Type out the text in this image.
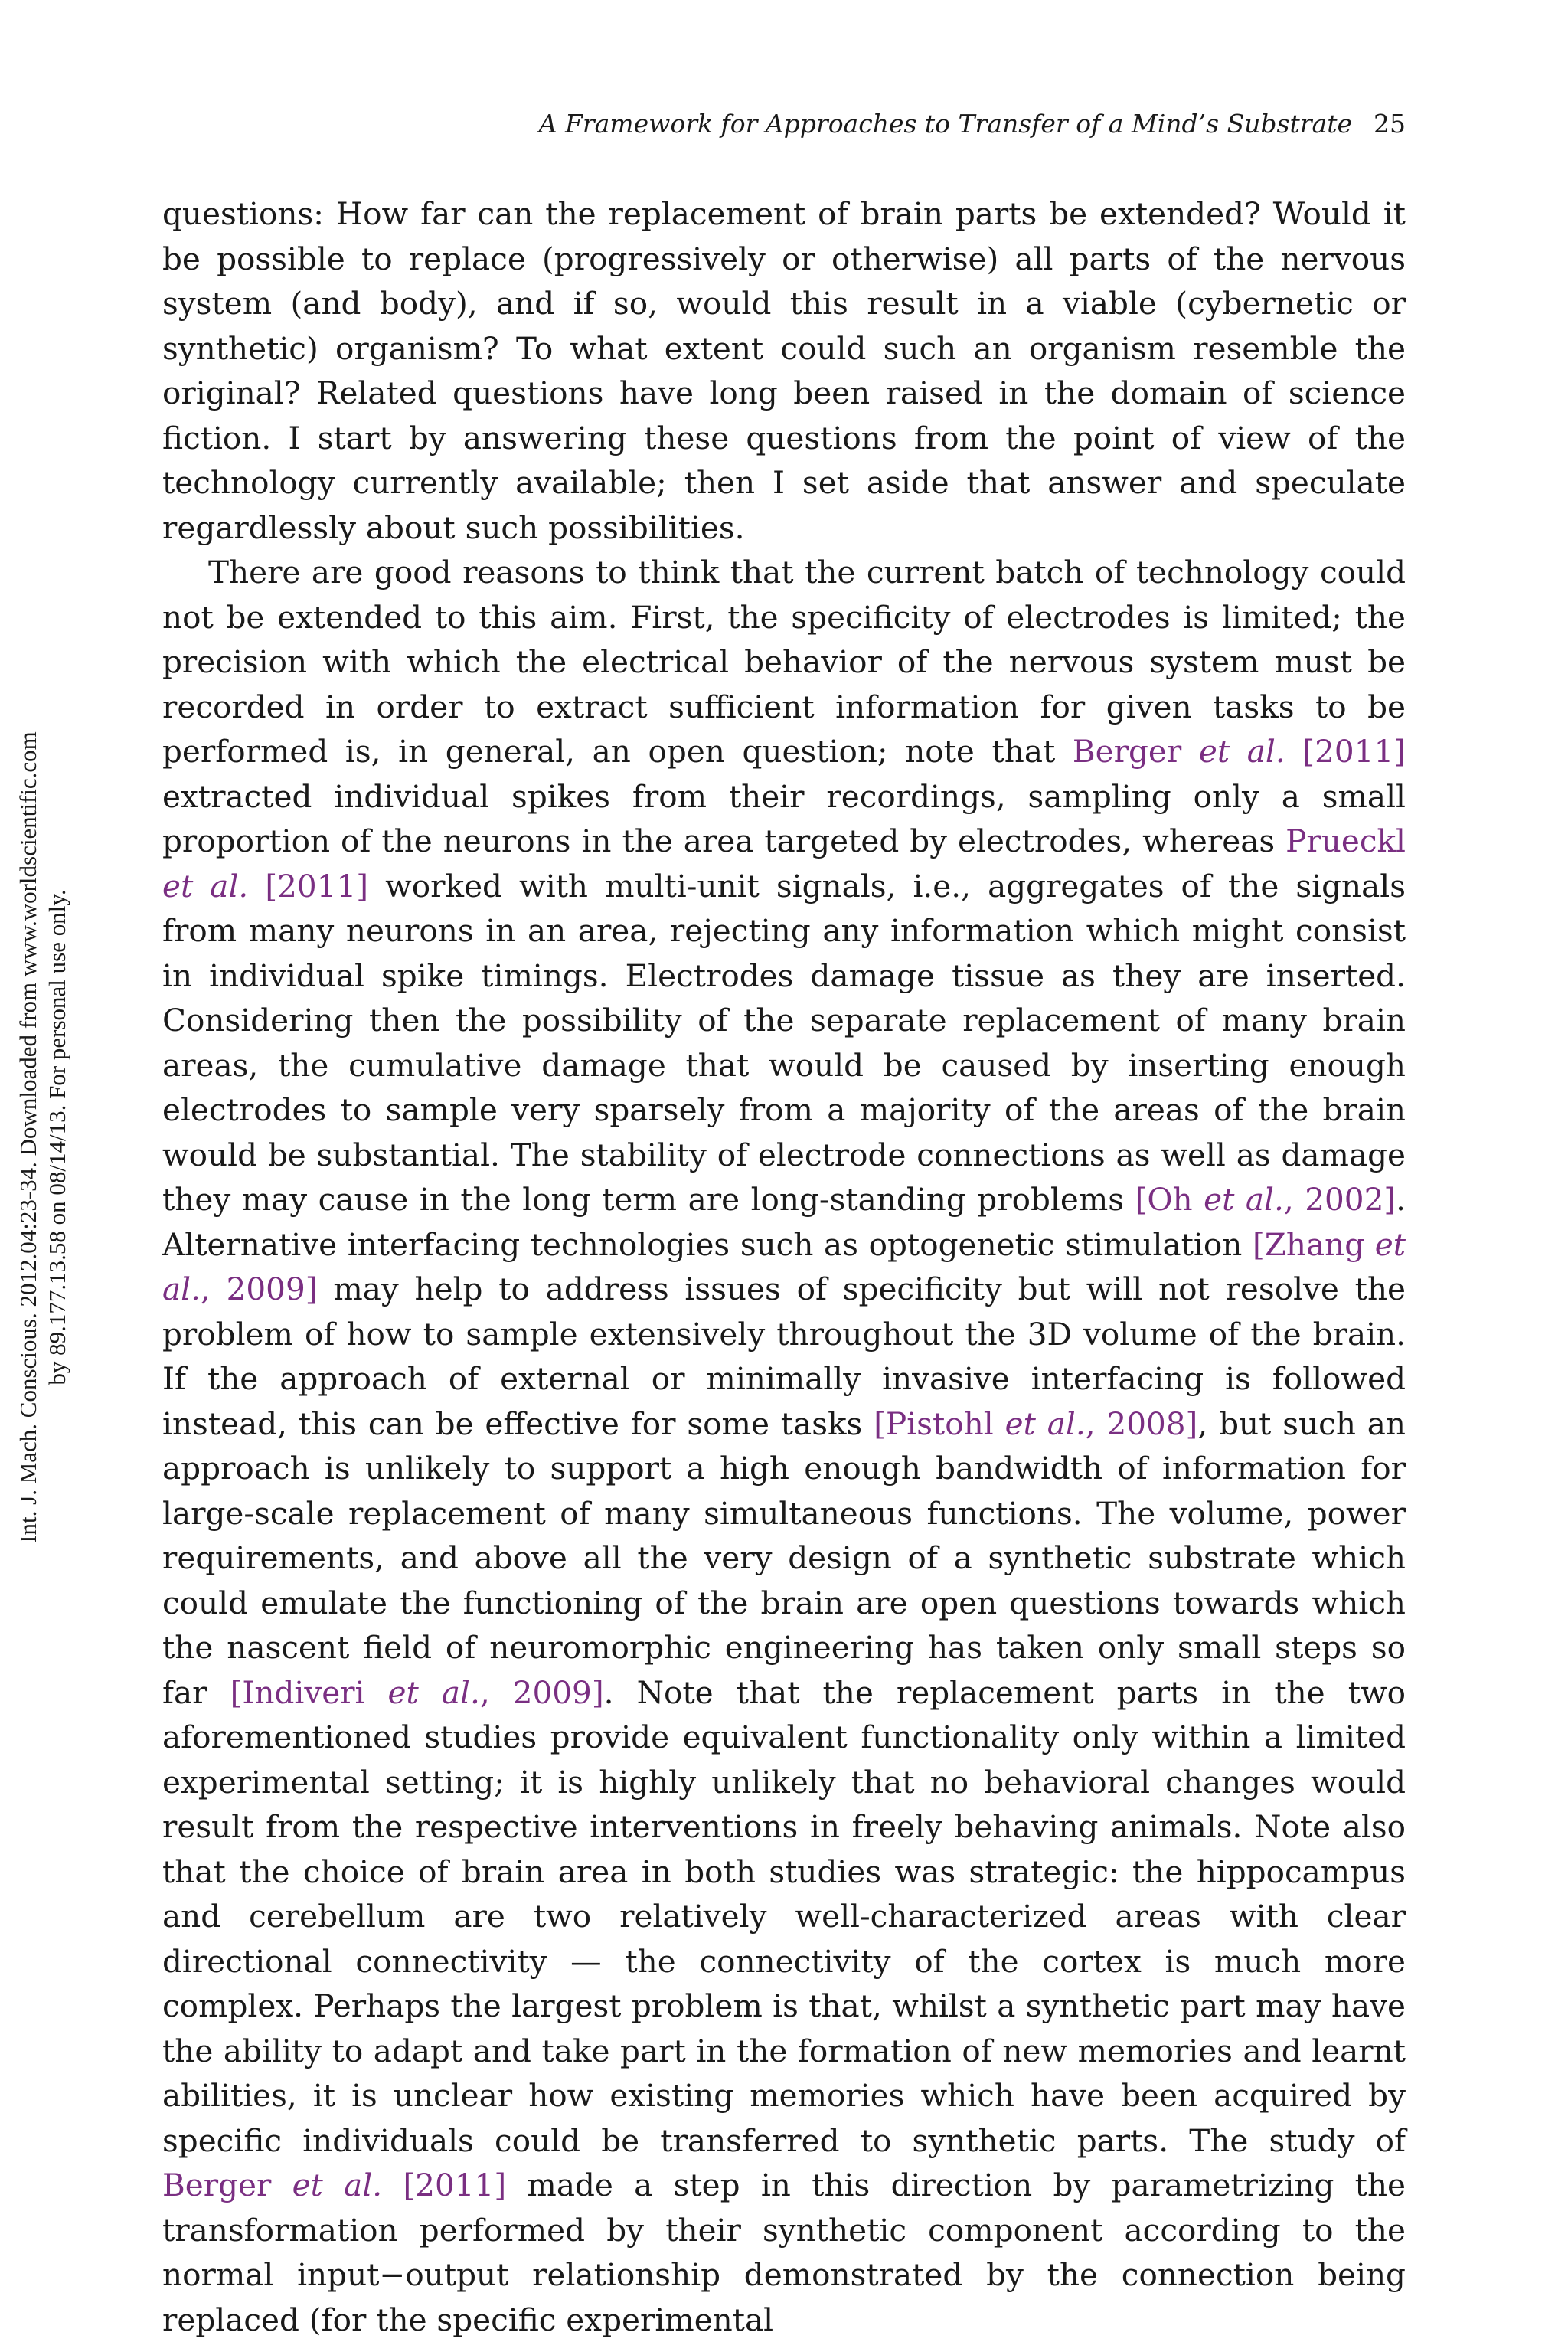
A Framework for Approaches to Transfer of a Mind’s Substrate 25
Int. J. Mach. Conscious. 2012.04:23-34. Downloaded from www.worldscientific.com by 89.177.13.58 on 08/14/13. For personal use only.

questions: How far can the replacement of brain parts be extended? Would it be possible to replace (progressively or otherwise) all parts of the nervous system (and body), and if so, would this result in a viable (cybernetic or synthetic) organism? To what extent could such an organism resemble the original? Related questions have long been raised in the domain of science fiction. I start by answering these questions from the point of view of the technology currently available; then I set aside that answer and speculate regardlessly about such possibilities.

There are good reasons to think that the current batch of technology could not be extended to this aim. First, the specificity of electrodes is limited; the precision with which the electrical behavior of the nervous system must be recorded in order to extract sufficient information for given tasks to be performed is, in general, an open question; note that Berger et al. [2011] extracted individual spikes from their recordings, sampling only a small proportion of the neurons in the area targeted by electrodes, whereas Prueckl et al. [2011] worked with multi-unit signals, i.e., aggregates of the signals from many neurons in an area, rejecting any information which might consist in individual spike timings. Electrodes damage tissue as they are inserted. Considering then the possibility of the separate replacement of many brain areas, the cumulative damage that would be caused by inserting enough electrodes to sample very sparsely from a majority of the areas of the brain would be substantial. The stability of electrode connections as well as damage they may cause in the long term are long-standing problems [Oh et al., 2002]. Alternative interfacing technologies such as optogenetic stimulation [Zhang et al., 2009] may help to address issues of specificity but will not resolve the problem of how to sample extensively throughout the 3D volume of the brain. If the approach of external or minimally invasive interfacing is followed instead, this can be effective for some tasks [Pistohl et al., 2008], but such an approach is unlikely to support a high enough bandwidth of information for large-scale replacement of many simultaneous functions. The volume, power requirements, and above all the very design of a synthetic substrate which could emulate the functioning of the brain are open questions towards which the nascent field of neuromorphic engineering has taken only small steps so far [Indiveri et al., 2009]. Note that the replacement parts in the two aforementioned studies provide equivalent functionality only within a limited experimental setting; it is highly unlikely that no behavioral changes would result from the respective interventions in freely behaving animals. Note also that the choice of brain area in both studies was strategic: the hippocampus and cerebellum are two relatively well-characterized areas with clear directional connectivity — the connectivity of the cortex is much more complex. Perhaps the largest problem is that, whilst a synthetic part may have the ability to adapt and take part in the formation of new memories and learnt abilities, it is unclear how existing memories which have been acquired by specific individuals could be transferred to synthetic parts. The study of Berger et al. [2011] made a step in this direction by parametrizing the transformation performed by their synthetic component according to the normal input−output relationship demonstrated by the connection being replaced (for the specific experimental
